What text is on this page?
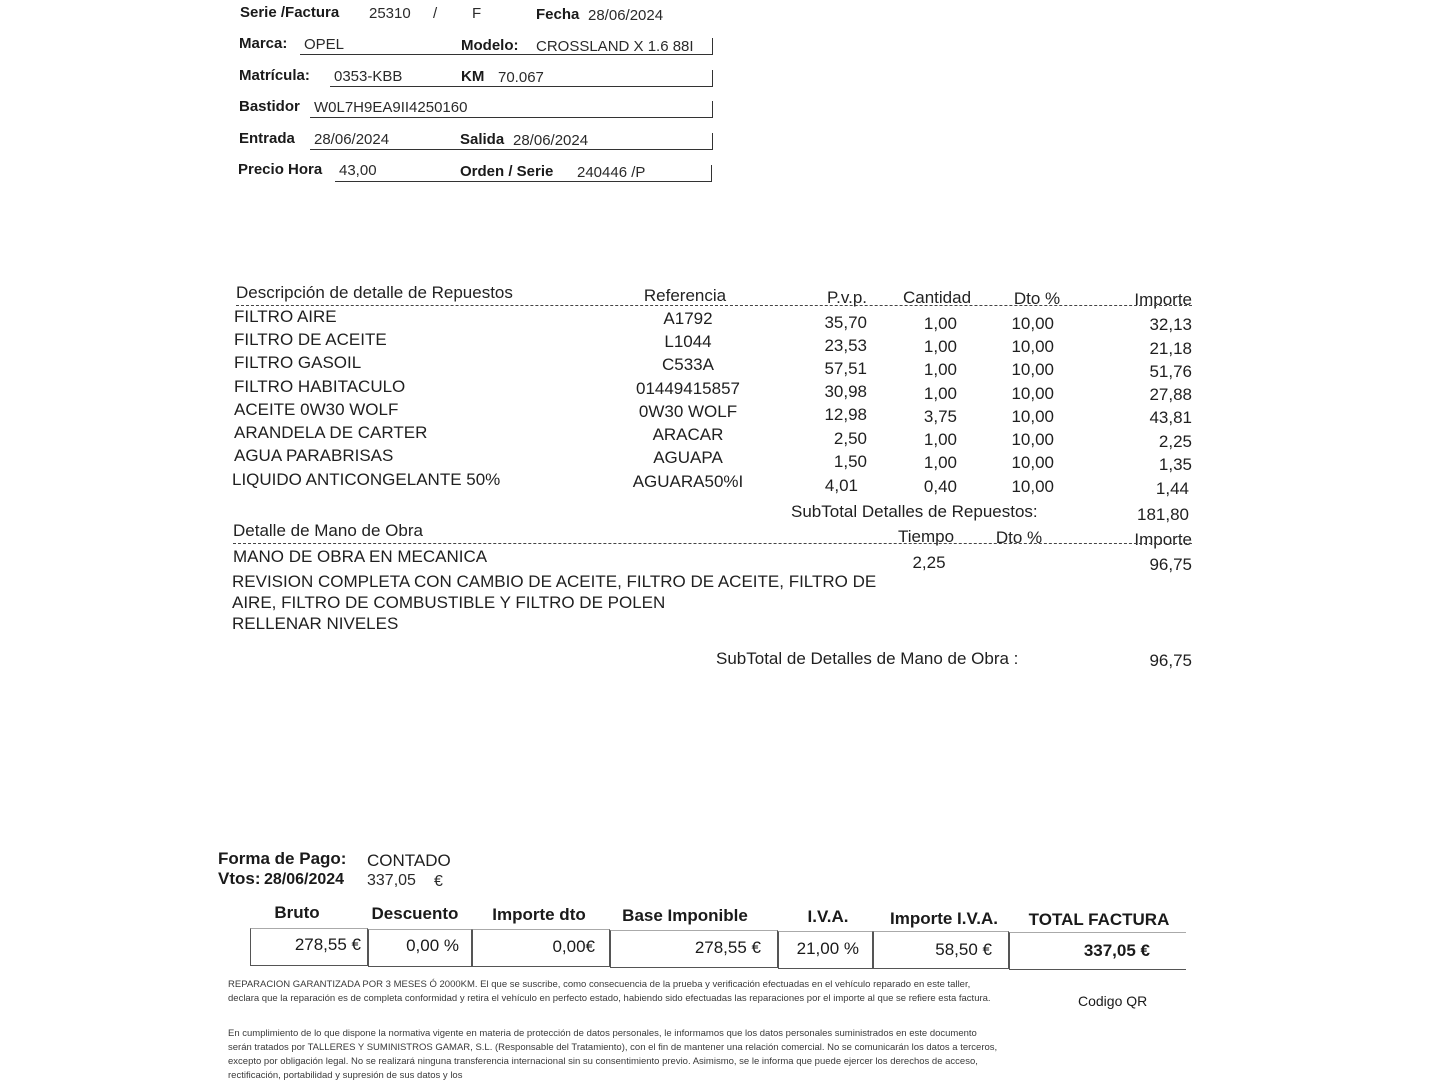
Serie /Factura 25310 / F	Fecha 28/06/2024
Marca: OPEL	Modelo: CROSSLAND X 1.6 88I
Matrícula: 0353-KBB	KM 70.067
Bastidor W0L7H9EA9II4250160
Entrada 28/06/2024	Salida 28/06/2024
Precio Hora 43,00	Orden / Serie 240446 /P
Descripción de detalle de Repuestos	Referencia	P.v.p.	Cantidad	Dto %	Importe
FILTRO AIRE	A1792	35,70	1,00	10,00	32,13
FILTRO DE ACEITE	L1044	23,53	1,00	10,00	21,18
FILTRO GASOIL	C533A	57,51	1,00	10,00	51,76
FILTRO HABITACULO	01449415857	30,98	1,00	10,00	27,88
ACEITE 0W30 WOLF	0W30 WOLF	12,98	3,75	10,00	43,81
ARANDELA DE CARTER	ARACAR	2,50	1,00	10,00	2,25
AGUA PARABRISAS	AGUAPA	1,50	1,00	10,00	1,35
LIQUIDO ANTICONGELANTE 50%	AGUARA50%I	4,01	0,40	10,00	1,44
SubTotal Detalles de Repuestos:	181,80
Detalle de Mano de Obra	Tiempo	Dto %	Importe
MANO DE OBRA EN MECANICA	2,25	96,75
REVISION COMPLETA CON CAMBIO DE ACEITE, FILTRO DE ACEITE, FILTRO DE
AIRE, FILTRO DE COMBUSTIBLE Y FILTRO DE POLEN
RELLENAR NIVELES
SubTotal de Detalles de Mano de Obra :	96,75
Forma de Pago: CONTADO
Vtos: 28/06/2024 337,05 €
Bruto	Descuento	Importe dto	Base Imponible	I.V.A.	Importe I.V.A.	TOTAL FACTURA
278,55 €	0,00 %	0,00€	278,55 €	21,00 %	58,50 €	337,05 €
REPARACION GARANTIZADA POR 3 MESES Ó 2000KM. El que se suscribe, como consecuencia de la prueba y verificación efectuadas en el vehículo reparado en este taller, declara que la reparación es de completa conformidad y retira el vehículo en perfecto estado, habiendo sido efectuadas las reparaciones por el importe al que se refiere esta factura.
En cumplimiento de lo que dispone la normativa vigente en materia de protección de datos personales, le informamos que los datos personales suministrados en este documento serán tratados por TALLERES Y SUMINISTROS GAMAR, S.L. (Responsable del Tratamiento), con el fin de mantener una relación comercial. No se comunicarán los datos a terceros, excepto por obligación legal. No se realizará ninguna transferencia internacional sin su consentimiento previo. Asimismo, se le informa que puede ejercer los derechos de acceso, rectificación, portabilidad y supresión de sus datos y los
Codigo QR
